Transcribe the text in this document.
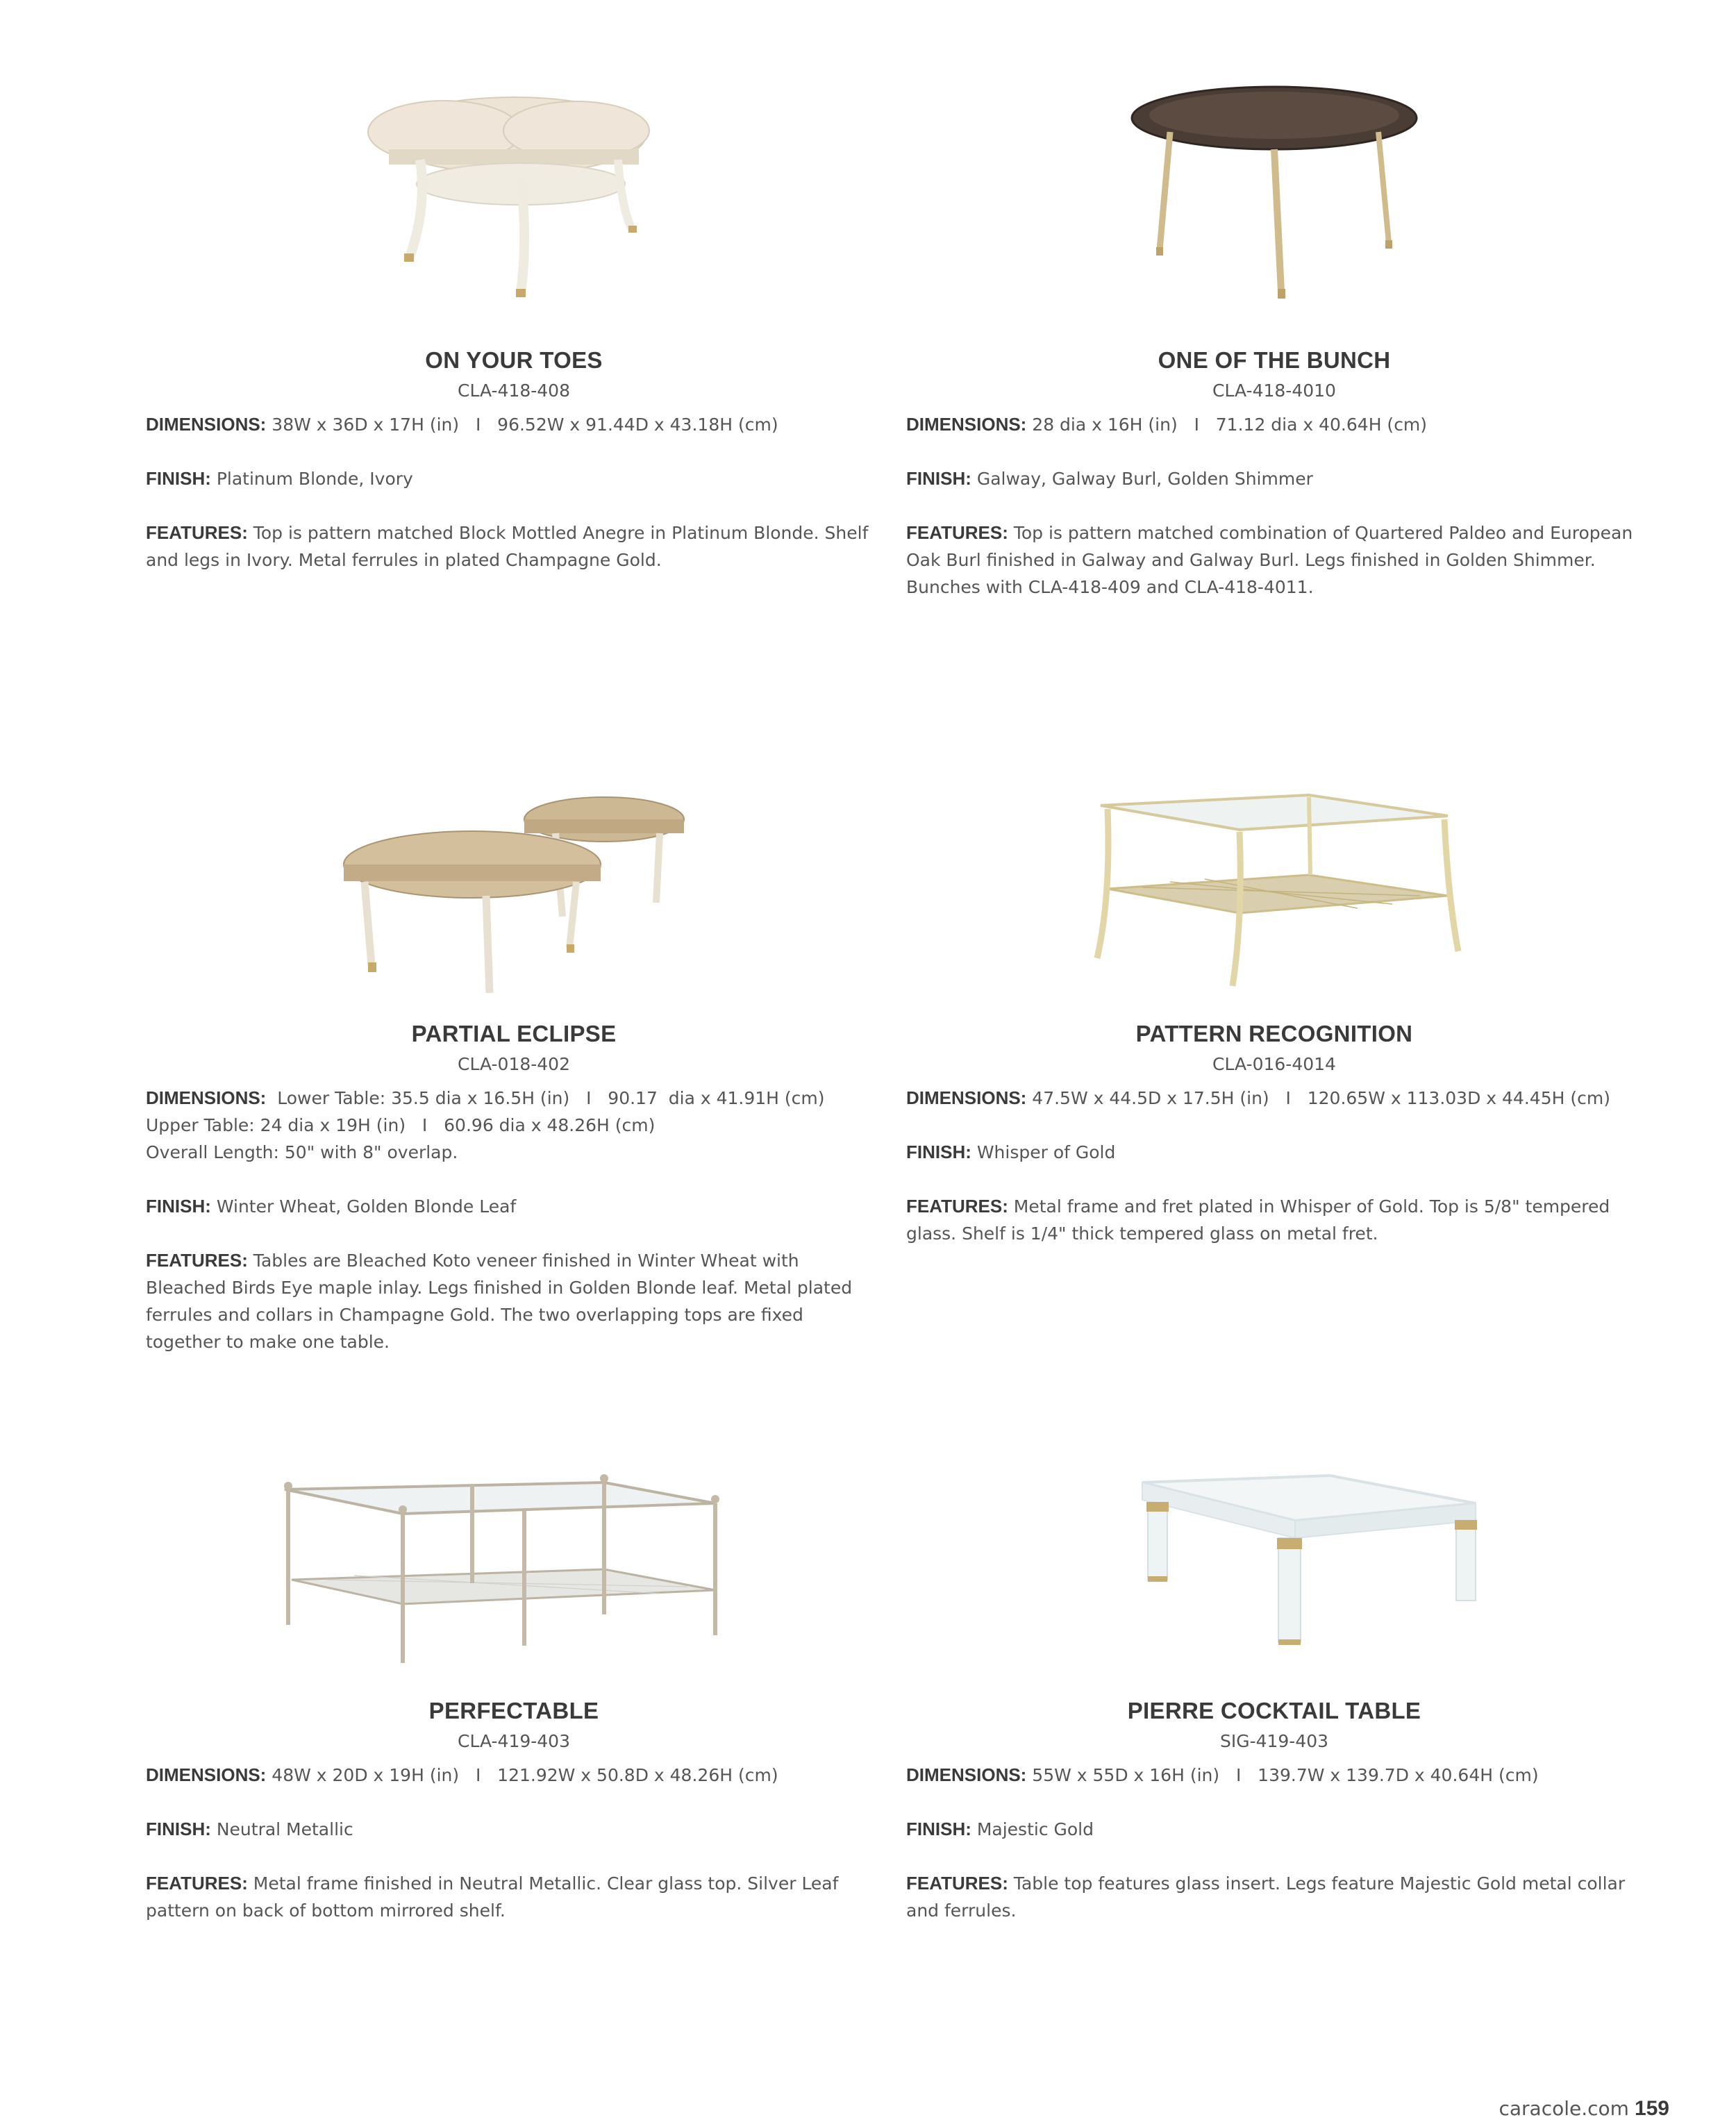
ON YOUR TOES
CLA-418-408

DIMENSIONS: 38W x 36D x 17H (in)   I   96.52W x 91.44D x 43.18H (cm)

FINISH: Platinum Blonde, Ivory

FEATURES: Top is pattern matched Block Mottled Anegre in Platinum Blonde. Shelf and legs in Ivory. Metal ferrules in plated Champagne Gold.

ONE OF THE BUNCH
CLA-418-4010

DIMENSIONS: 28 dia x 16H (in)   I   71.12 dia x 40.64H (cm)

FINISH: Galway, Galway Burl, Golden Shimmer

FEATURES: Top is pattern matched combination of Quartered Paldeo and European Oak Burl finished in Galway and Galway Burl. Legs finished in Golden Shimmer. Bunches with CLA-418-409 and CLA-418-4011.

PARTIAL ECLIPSE
CLA-018-402

DIMENSIONS:  Lower Table: 35.5 dia x 16.5H (in)   I   90.17  dia x 41.91H (cm)
Upper Table: 24 dia x 19H (in)   I   60.96 dia x 48.26H (cm)
Overall Length: 50" with 8" overlap.

FINISH: Winter Wheat, Golden Blonde Leaf

FEATURES: Tables are Bleached Koto veneer finished in Winter Wheat with Bleached Birds Eye maple inlay. Legs finished in Golden Blonde leaf. Metal plated ferrules and collars in Champagne Gold. The two overlapping tops are fixed together to make one table.

PATTERN RECOGNITION
CLA-016-4014

DIMENSIONS: 47.5W x 44.5D x 17.5H (in)   I   120.65W x 113.03D x 44.45H (cm)

FINISH: Whisper of Gold

FEATURES: Metal frame and fret plated in Whisper of Gold. Top is 5/8" tempered glass. Shelf is 1/4" thick tempered glass on metal fret.

PERFECTABLE
CLA-419-403

DIMENSIONS: 48W x 20D x 19H (in)   I   121.92W x 50.8D x 48.26H (cm)

FINISH: Neutral Metallic

FEATURES: Metal frame finished in Neutral Metallic. Clear glass top. Silver Leaf pattern on back of bottom mirrored shelf.

PIERRE COCKTAIL TABLE
SIG-419-403

DIMENSIONS: 55W x 55D x 16H (in)   I   139.7W x 139.7D x 40.64H (cm)

FINISH: Majestic Gold

FEATURES: Table top features glass insert. Legs feature Majestic Gold metal collar and ferrules.

caracole.com 159
